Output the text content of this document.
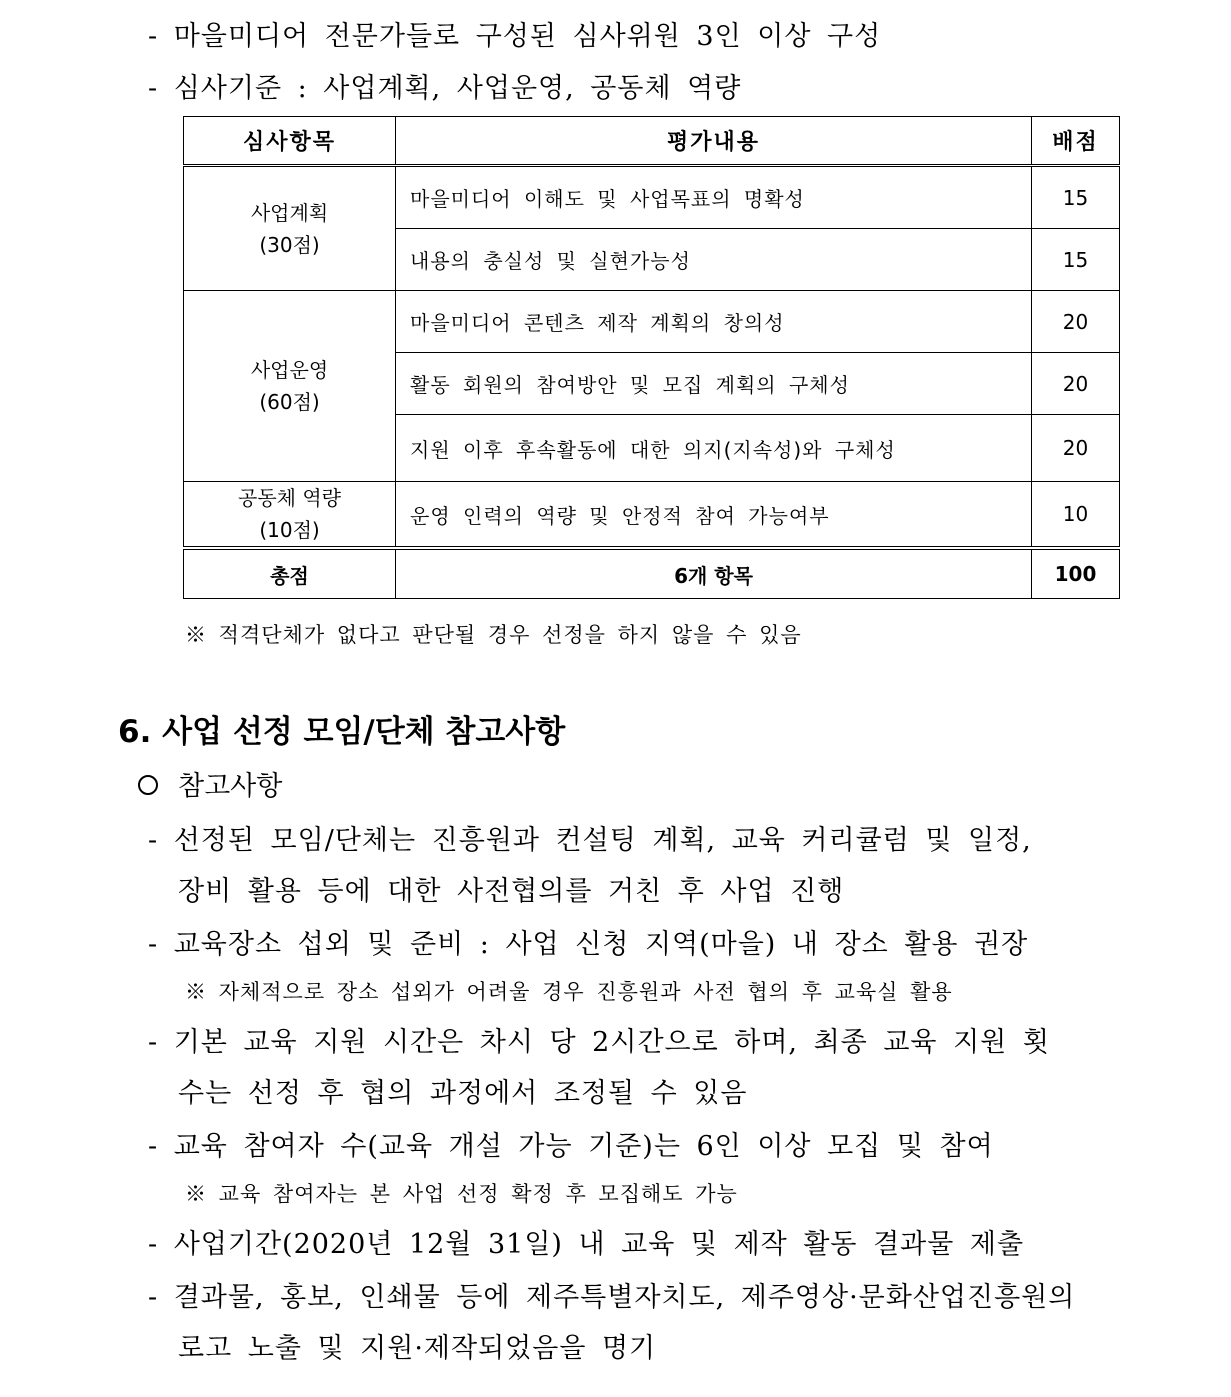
- 마을미디어 전문가들로 구성된 심사위원 3인 이상 구성
- 심사기준 : 사업계획, 사업운영, 공동체 역량
심사항목	평가내용	배점

사업계획
(30점)	마을미디어 이해도 및 사업목표의 명확성	15
	내용의 충실성 및 실현가능성	15

사업운영
(60점)	마을미디어 콘텐츠 제작 계획의 창의성	20
	활동 회원의 참여방안 및 모집 계획의 구체성	20
	지원 이후 후속활동에 대한 의지(지속성)와 구체성	20

공동체 역량
(10점)	운영 인력의 역량 및 안정적 참여 가능여부	10
총점	6개 항목	100
※ 적격단체가 없다고 판단될 경우 선정을 하지 않을 수 있음
6. 사업 선정 모임/단체 참고사항
참고사항
- 선정된 모임/단체는 진흥원과 컨설팅 계획, 교육 커리큘럼 및 일정,
장비 활용 등에 대한 사전협의를 거친 후 사업 진행
- 교육장소 섭외 및 준비 : 사업 신청 지역(마을) 내 장소 활용 권장
※ 자체적으로 장소 섭외가 어려울 경우 진흥원과 사전 협의 후 교육실 활용
- 기본 교육 지원 시간은 차시 당 2시간으로 하며, 최종 교육 지원 횟
수는 선정 후 협의 과정에서 조정될 수 있음
- 교육 참여자 수(교육 개설 가능 기준)는 6인 이상 모집 및 참여
※ 교육 참여자는 본 사업 선정 확정 후 모집해도 가능
- 사업기간(2020년 12월 31일) 내 교육 및 제작 활동 결과물 제출
- 결과물, 홍보, 인쇄물 등에 제주특별자치도, 제주영상·문화산업진흥원의
로고 노출 및 지원·제작되었음을 명기
